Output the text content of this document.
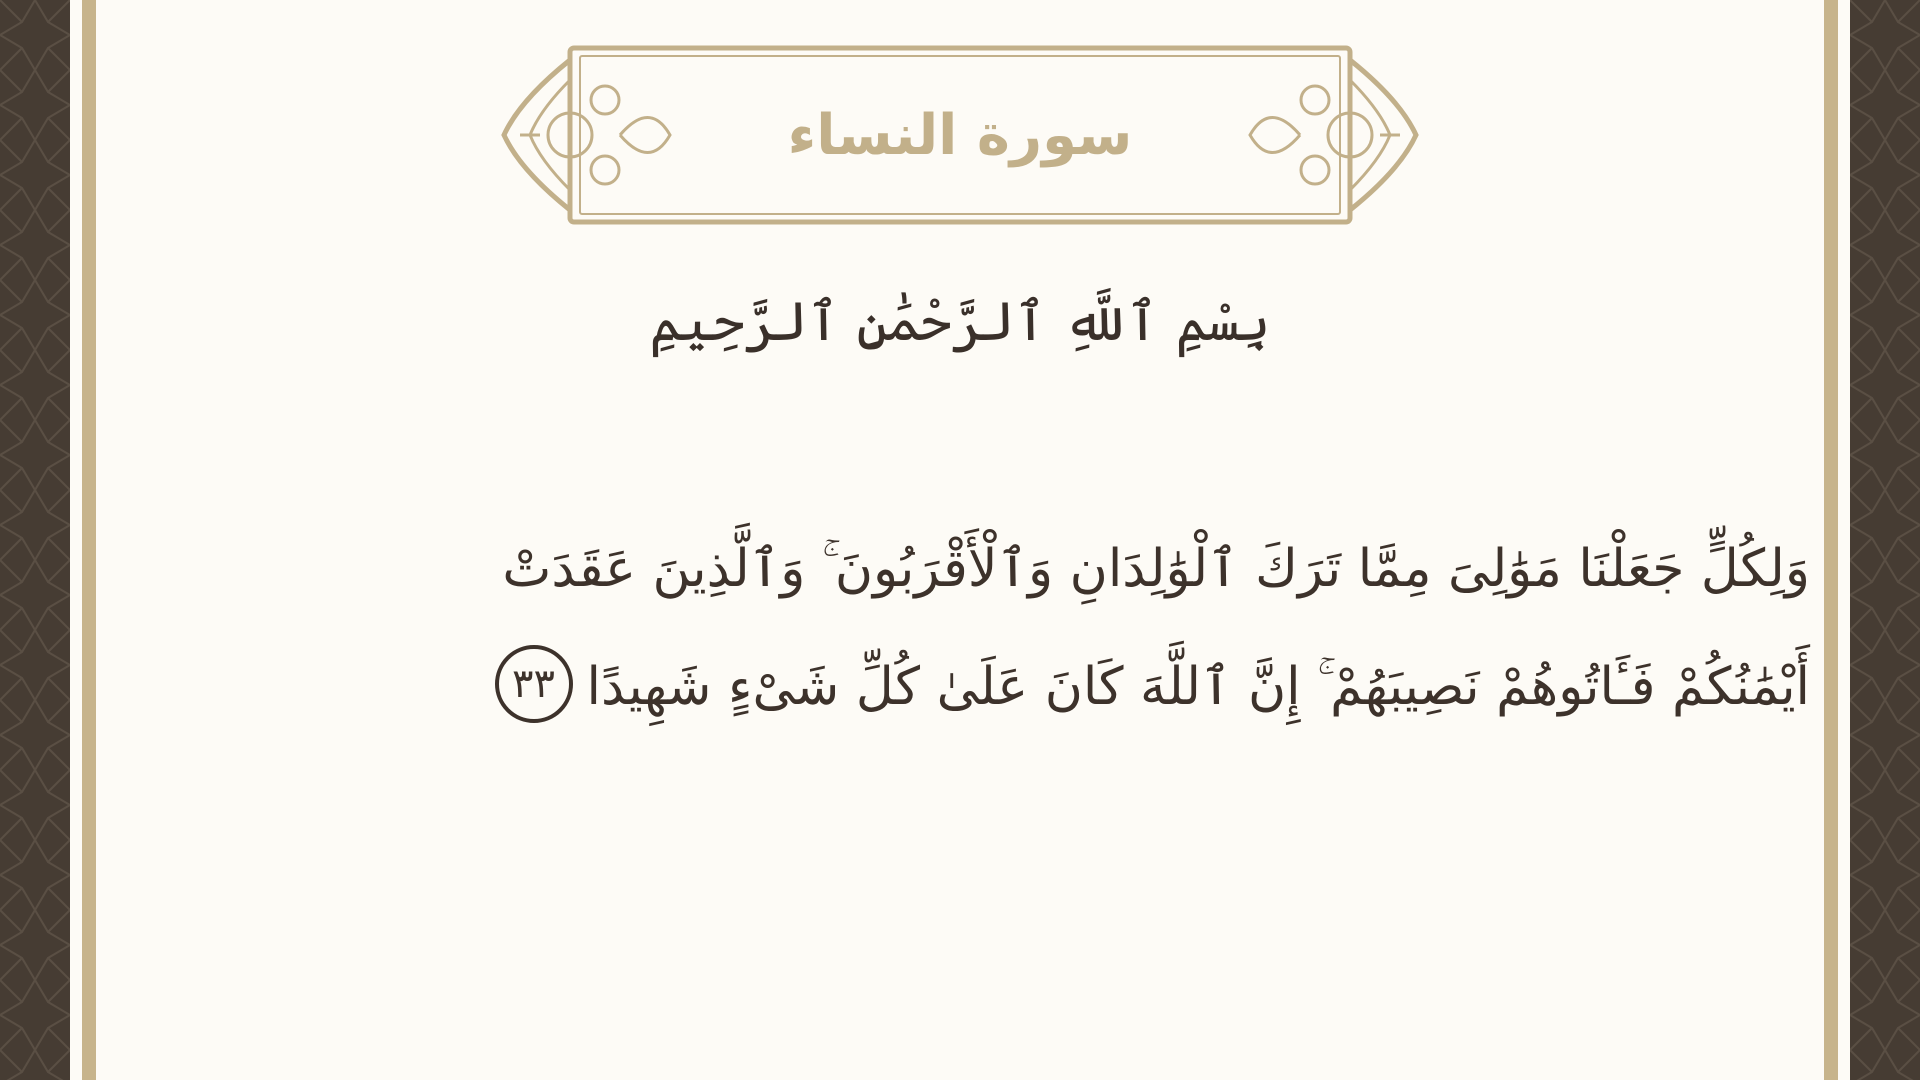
سورة النساء
بِسْمِ ٱللَّهِ ٱلرَّحْمَٰنِ ٱلرَّحِيمِ
وَلِكُلٍّ جَعَلْنَا مَوَٰلِىَ مِمَّا تَرَكَ ٱلْوَٰلِدَانِ وَٱلْأَقْرَبُونَ ۚ وَٱلَّذِينَ عَقَدَتْ
أَيْمَٰنُكُمْ فَـَٔاتُوهُمْ نَصِيبَهُمْ ۚ إِنَّ ٱللَّهَ كَانَ عَلَىٰ كُلِّ شَىْءٍ شَهِيدًا٣٣
